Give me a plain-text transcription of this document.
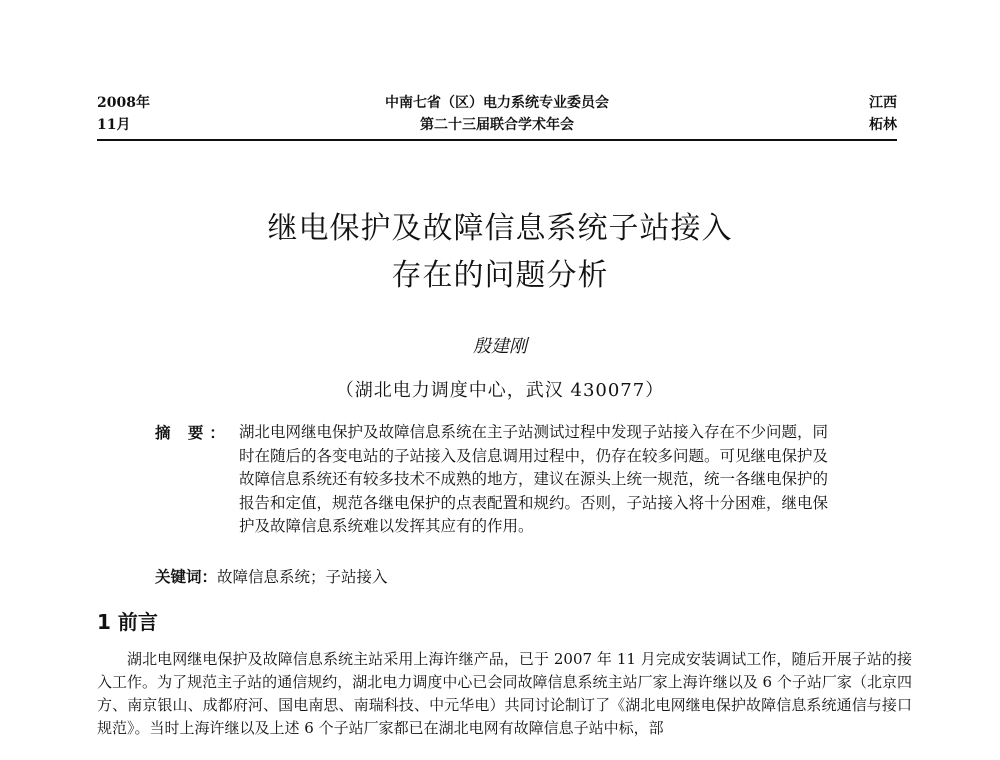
2008年
11月
中南七省（区）电力系统专业委员会
第二十三届联合学术年会
江西
柘林
继电保护及故障信息系统子站接入
存在的问题分析
殷建刚
（湖北电力调度中心，武汉 430077）
摘 要： 湖北电网继电保护及故障信息系统在主子站测试过程中发现子站接入存在不少问题，同时在随后的各变电站的子站接入及信息调用过程中，仍存在较多问题。可见继电保护及故障信息系统还有较多技术不成熟的地方，建议在源头上统一规范，统一各继电保护的报告和定值，规范各继电保护的点表配置和规约。否则，子站接入将十分困难，继电保护及故障信息系统难以发挥其应有的作用。
关键词：故障信息系统；子站接入
1 前言

湖北电网继电保护及故障信息系统主站采用上海许继产品，已于 2007 年 11 月完成安装调试工作，随后开展子站的接入工作。为了规范主子站的通信规约，湖北电力调度中心已会同故障信息系统主站厂家上海许继以及 6 个子站厂家（北京四方、南京银山、成都府河、国电南思、南瑞科技、中元华电）共同讨论制订了《湖北电网继电保护故障信息系统通信与接口规范》。当时上海许继以及上述 6 个子站厂家都已在湖北电网有故障信息子站中标，部
